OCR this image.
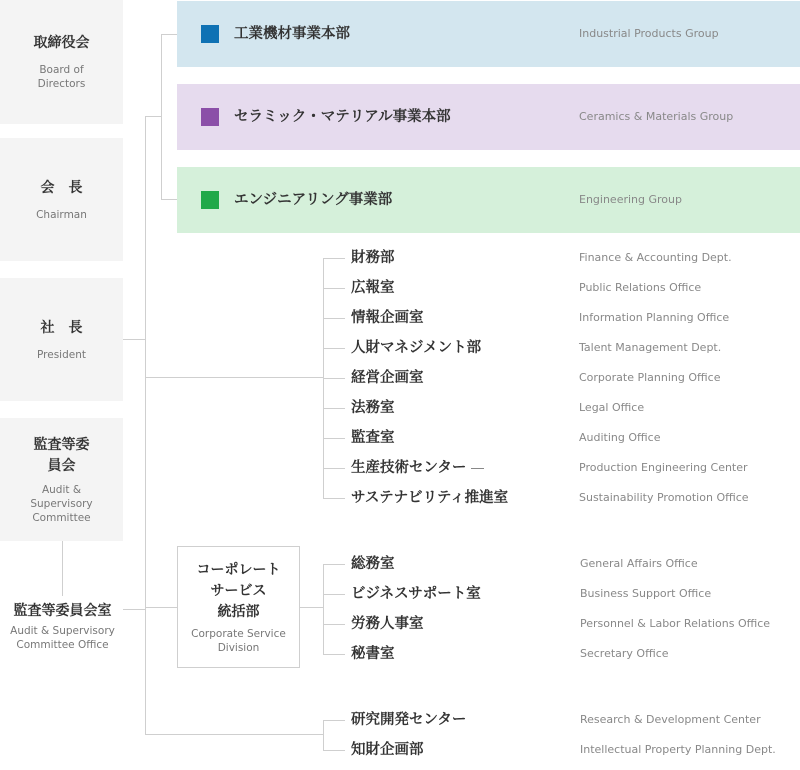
取締役会
Board of Directors
会　長
Chairman
社　長
President
監査等委員会
Audit & Supervisory Committee
監査等委員会室
Audit & Supervisory Committee Office
工業機材事業本部	Industrial Products Group
セラミック・マテリアル事業本部	Ceramics & Materials Group
エンジニアリング事業部	Engineering Group
財務部	Finance & Accounting Dept.
広報室	Public Relations Office
情報企画室	Information Planning Office
人財マネジメント部	Talent Management Dept.
経営企画室	Corporate Planning Office
法務室	Legal Office
監査室	Auditing Office
生産技術センター	Production Engineering Center
サステナビリティ推進室	Sustainability Promotion Office
コーポレート
サービス
統括部
Corporate Service Division
総務室	General Affairs Office
ビジネスサポート室	Business Support Office
労務人事室	Personnel & Labor Relations Office
秘書室	Secretary Office
研究開発センター	Research & Development Center
知財企画部	Intellectual Property Planning Dept.
